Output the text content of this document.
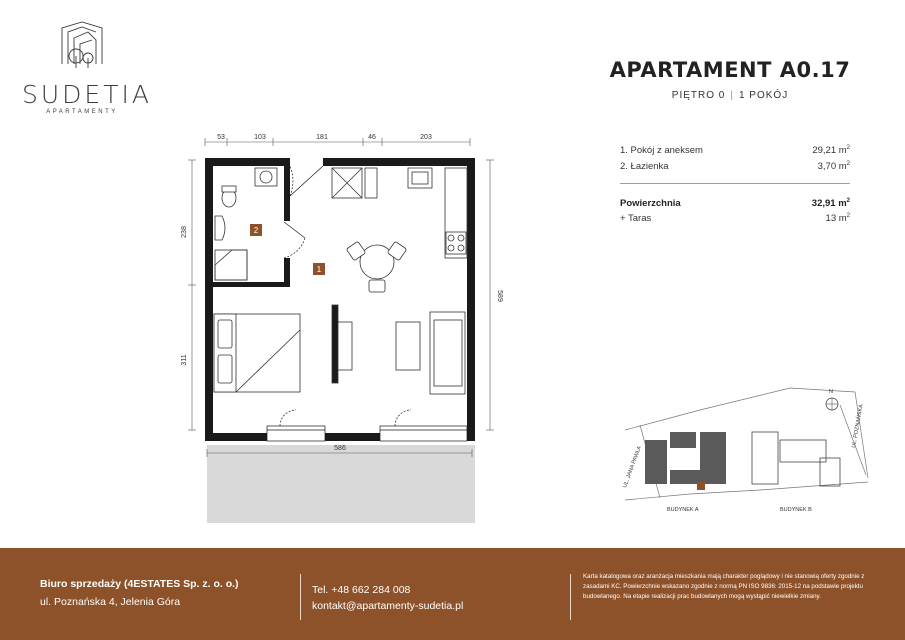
SUDETIA
APARTAMENTY
APARTAMENT A0.17
PIĘTRO 0 | 1 POKÓJ
1. Pokój z aneksem	29,21 $m^2$
2. Łazienka	3,70 $m^2$
Powierzchnia	32,91 $m^2$
+ Taras	13 $m^2$
53	103	181	46	203
238
311
589
586
2
1
N
UL. JANA PAWŁA
UL. POZNAŃSKA
BUDYNEK A	BUDYNEK B
Biuro sprzedaży (4ESTATES Sp. z. o. o.)
ul. Poznańska 4, Jelenia Góra
Tel. +48 662 284 008
kontakt@apartamenty-sudetia.pl
Karta katalogowa oraz aranżacja mieszkania mają charakter poglądowy i nie stanowią oferty zgodnie z zasadami KC. Powierzchnie wskazano zgodnie z normą PN ISO 9836: 2015-12 na podstawie projektu budowlanego. Na etapie realizacji prac budowlanych mogą wystąpić niewielkie zmiany.
